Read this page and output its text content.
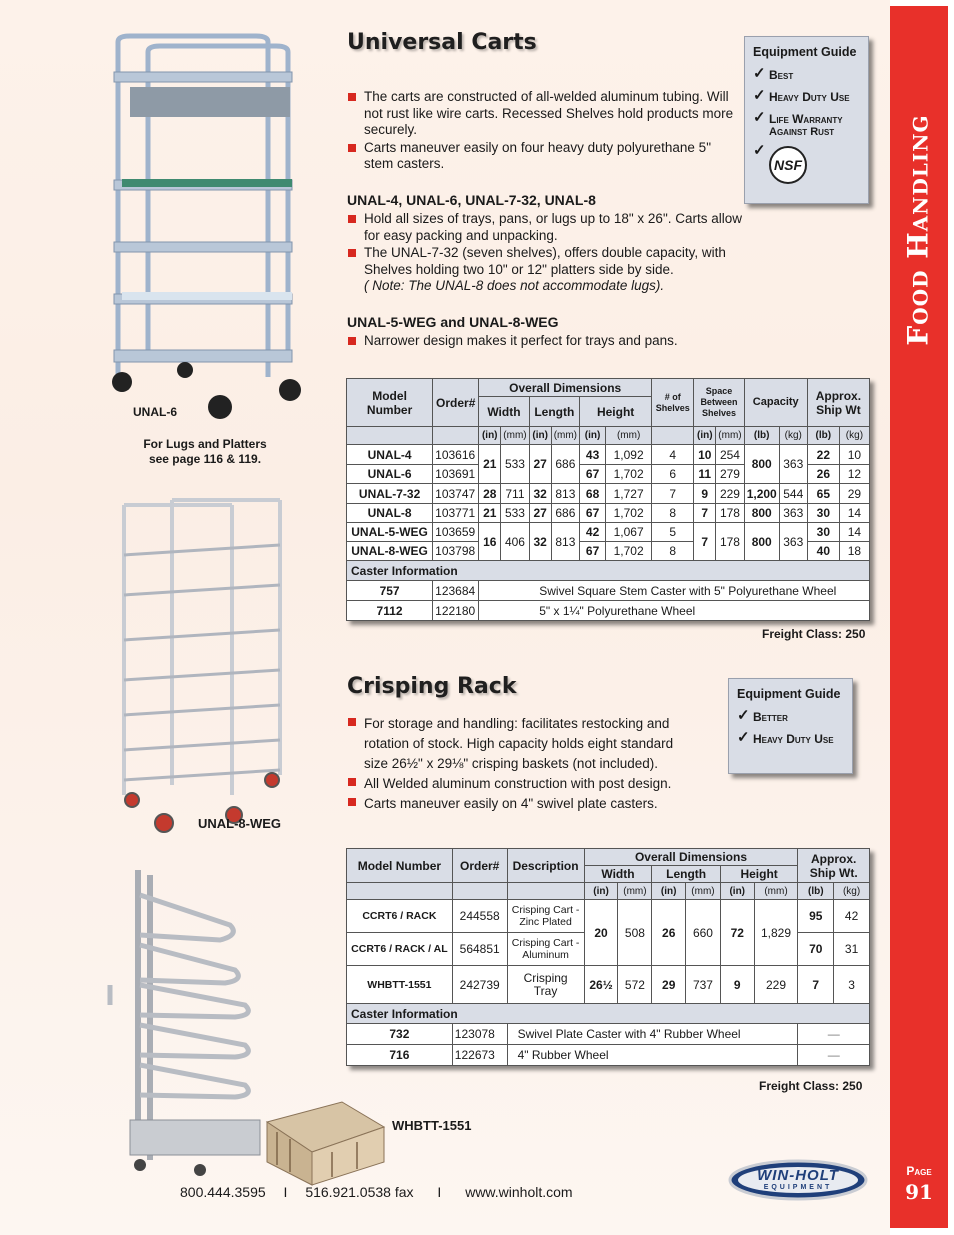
Food Handling
Page
91
Universal Carts
The carts are constructed of all-welded aluminum tubing. Will not rust like wire carts. Recessed Shelves hold products more securely.
Carts maneuver easily on four heavy duty polyurethane 5" stem casters.
UNAL-4, UNAL-6, UNAL-7-32, UNAL-8
Hold all sizes of trays, pans, or lugs up to 18" x 26". Carts allow for easy packing and unpacking.
The UNAL-7-32 (seven shelves), offers double capacity, with Shelves holding two 10" or 12" platters side by side.
( Note: The UNAL-8 does not accommodate lugs).
UNAL-5-WEG and UNAL-8-WEG
Narrower design makes it perfect for trays and pans.
Equipment Guide
✓ Best
✓ Heavy Duty Use
✓ Life Warranty
Against Rust
✓
NSF
Model Number	Order#	Overall Dimensions						# of Shelves	Space Between Shelves		Capacity		Approx. Ship Wt	
		Width		Length		Height								
		(in)	(mm)	(in)	(mm)	(in)	(mm)		(in)	(mm)	(lb)	(kg)	(lb)	(kg)
UNAL-4	103616	21	533	27	686	43	1,092	4	10	254	800	363	22	10
UNAL-6	103691					67	1,702	6	11	279			26	12
UNAL-7-32	103747	28	711	32	813	68	1,727	7	9	229	1,200	544	65	29
UNAL-8	103771	21	533	27	686	67	1,702	8	7	178	800	363	30	14
UNAL-5-WEG	103659	16	406	32	813	42	1,067	5	7	178	800	363	30	14
UNAL-8-WEG	103798					67	1,702	8					40	18
Caster Information														
757	123684	Swivel Square Stem Caster with 5" Polyurethane Wheel												
7112	122180	5" x 1¼" Polyurethane Wheel												
Freight Class: 250
Crisping Rack
For storage and handling: facilitates restocking and rotation of stock. High capacity holds eight standard size 26½" x 29⅛" crisping baskets (not included).
All Welded aluminum construction with post design.
Carts maneuver easily on 4" swivel plate casters.
Equipment Guide
✓ Better
✓ Heavy Duty Use
Model Number	Order#	Description	Overall Dimensions						Approx. Ship Wt.	
			Width		Length		Height			
			(in)	(mm)	(in)	(mm)	(in)	(mm)	(lb)	(kg)
CCRT6 / RACK	244558	Crisping Cart - Zinc Plated	20	508	26	660	72	1,829	95	42
CCRT6 / RACK / AL	564851	Crisping Cart - Aluminum							70	31
WHBTT-1551	242739	Crisping Tray	26½	572	29	737	9	229	7	3
Caster Information										
732	123078	Swivel Plate Caster with 4" Rubber Wheel							—	
716	122673	4" Rubber Wheel							—	
Freight Class: 250
UNAL-6
For Lugs and Platters
see page 116 & 119.
UNAL-8-WEG
WHBTT-1551
800.444.3595 I 516.921.0538 fax I www.winholt.com
WIN-HOLT
EQUIPMENT
